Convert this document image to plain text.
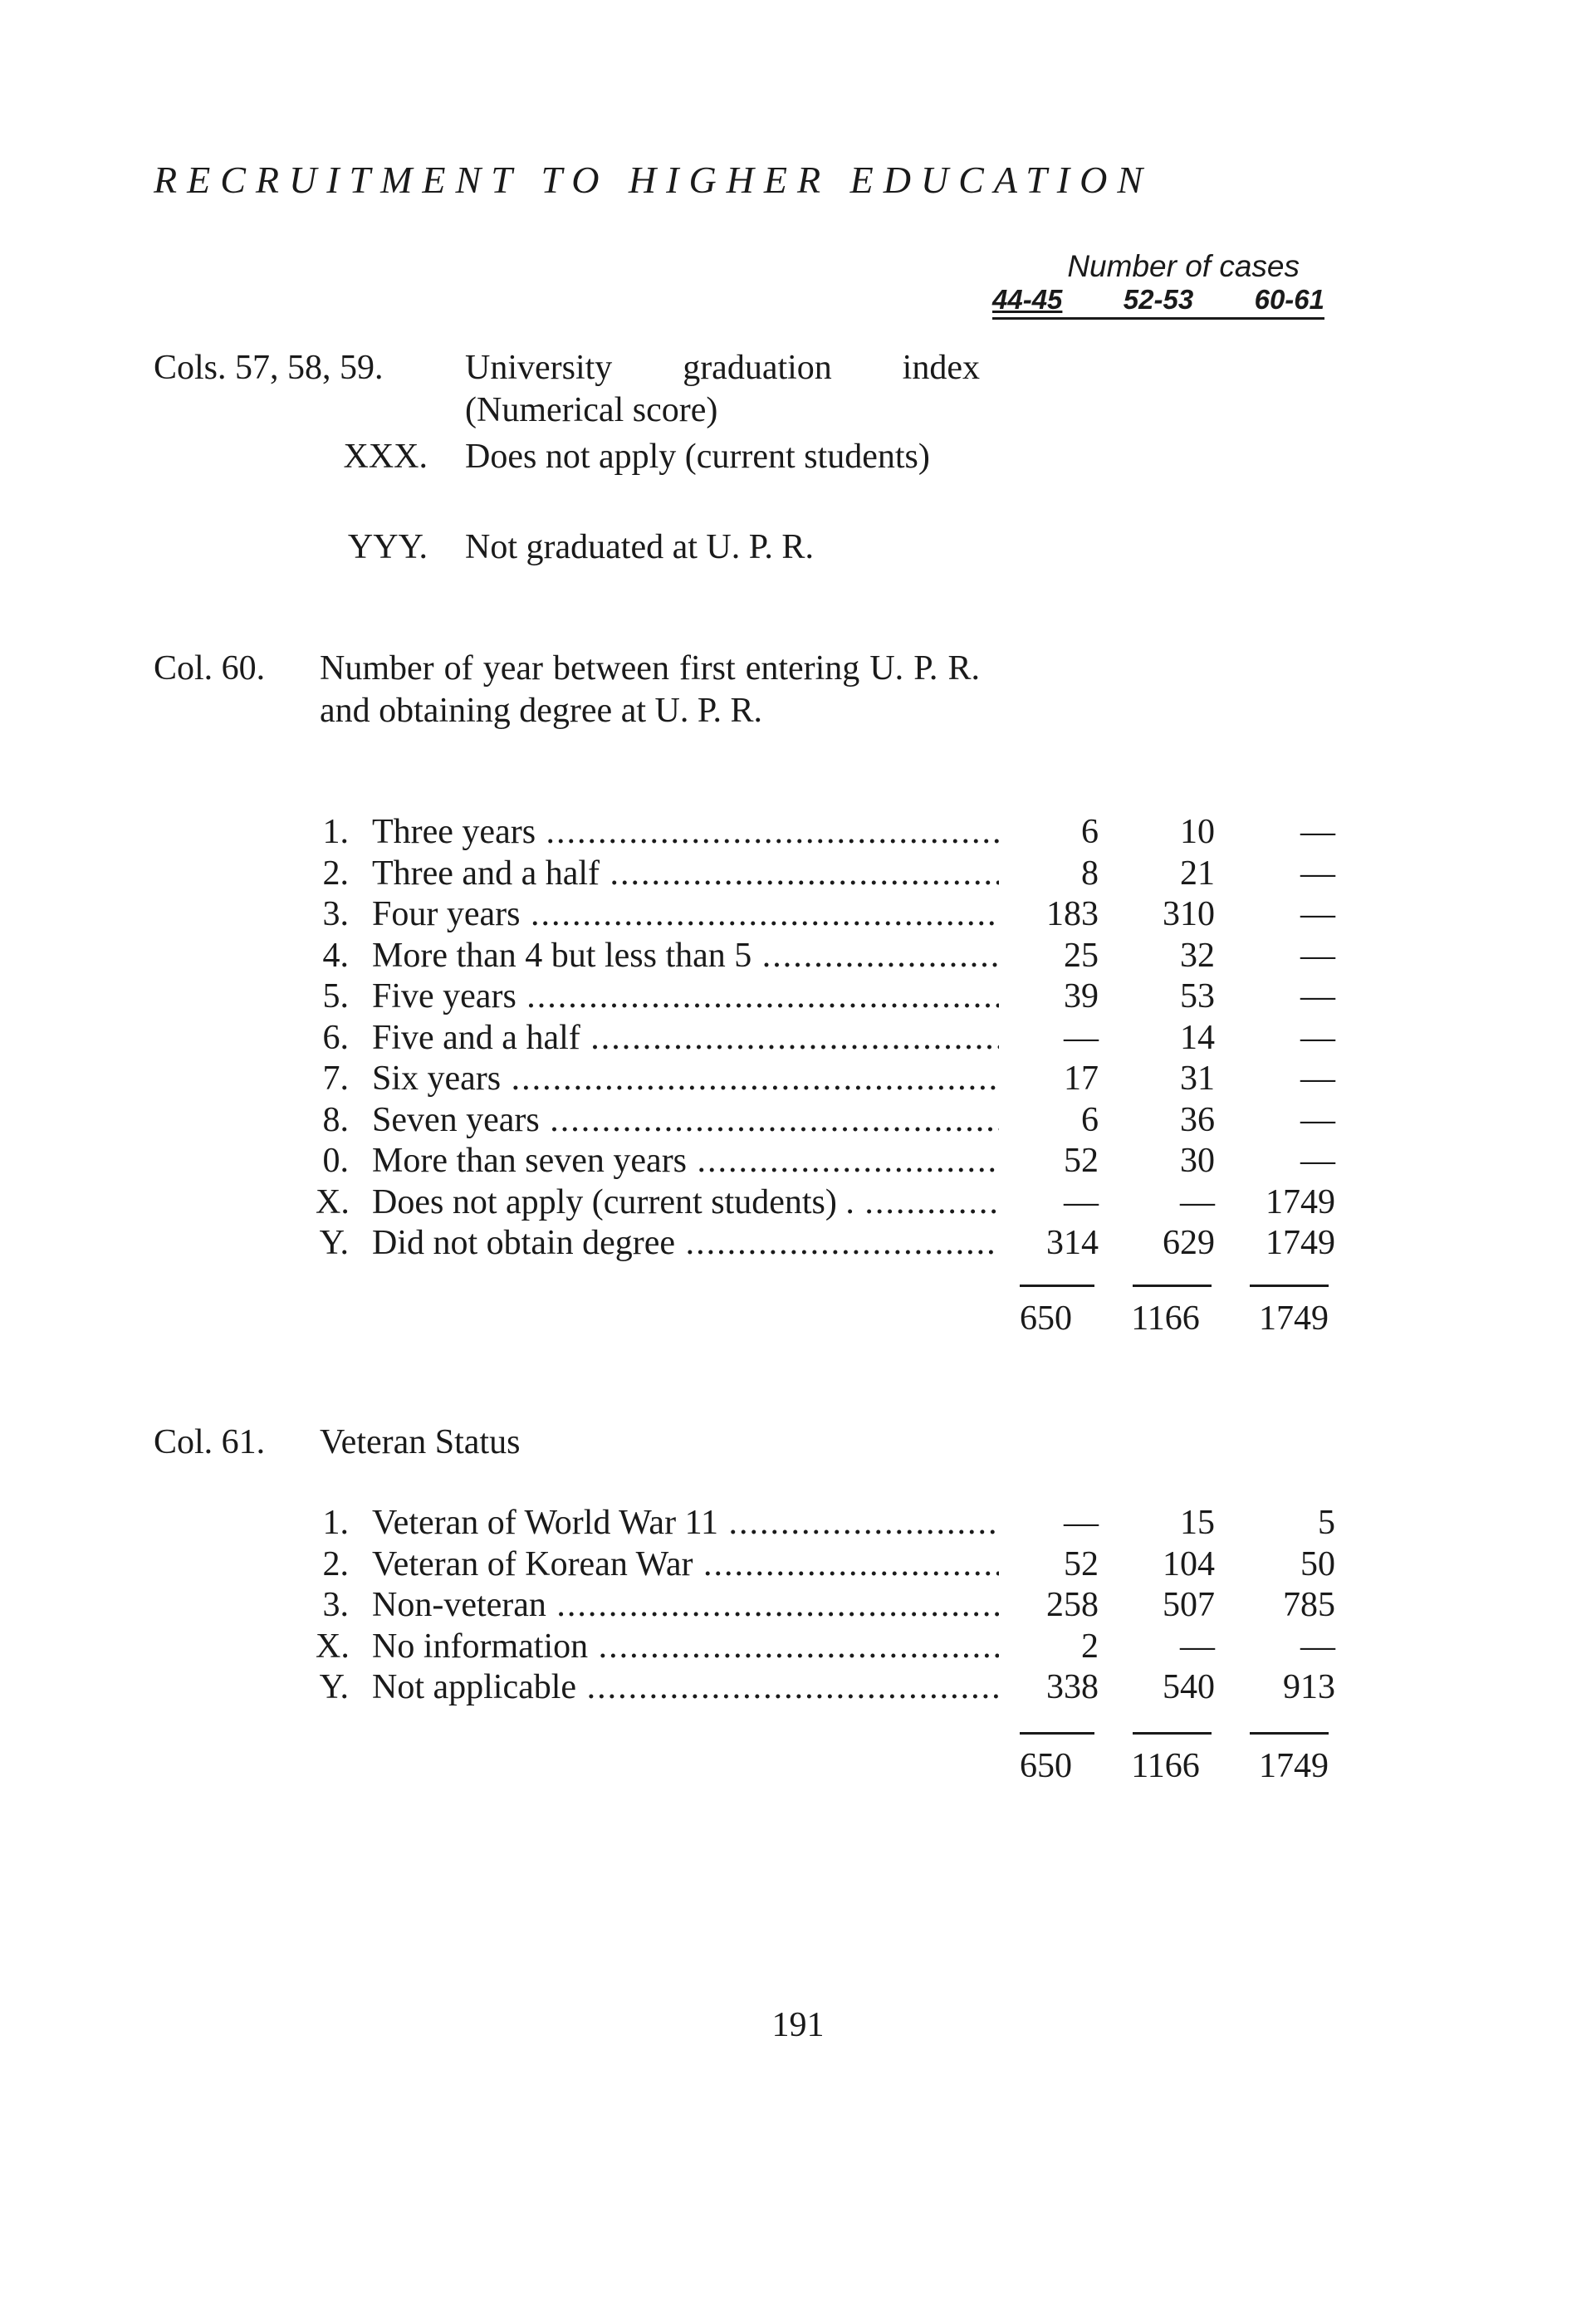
RECRUITMENT TO HIGHER EDUCATION
Number of cases
44-45 52-53 60-61
Cols. 57, 58, 59. University graduation index (Numerical score)
XXX. Does not apply (current students)
YYY. Not graduated at U. P. R.
Col. 60. Number of year between first entering U. P. R. and obtaining degree at U. P. R.
1. Three years .....	6	10	—
2. Three and a half .....	8	21	—
3. Four years .....	183	310	—
4. More than 4 but less than 5 .....	25	32	—
5. Five years .....	39	53	—
6. Five and a half .....	—	14	—
7. Six years .....	17	31	—
8. Seven years .....	6	36	—
0. More than seven years .....	52	30	—
X. Does not apply (current students) . .....	—	—	1749
Y. Did not obtain degree .....	314	629	1749
650 1166 1749
Col. 61. Veteran Status
1. Veteran of World War 11 .....	—	15	5
2. Veteran of Korean War .....	52	104	50
3. Non-veteran .....	258	507	785
X. No information .....	2	—	—
Y. Not applicable .....	338	540	913
650 1166 1749
191
